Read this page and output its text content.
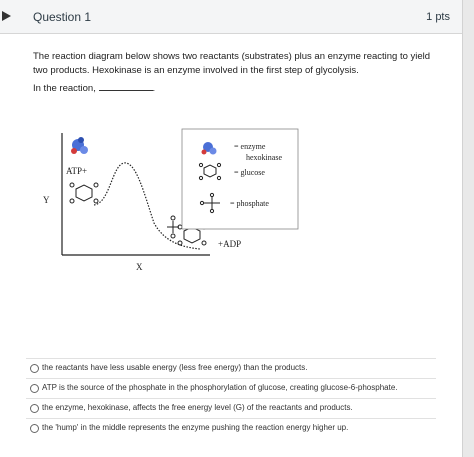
Question 1	1 pts
The reaction diagram below shows two reactants (substrates) plus an enzyme reacting to yield
two products. Hexokinase is an enzyme involved in the first step of glycolysis.
In the reaction,	.
Y
X
ATP+
+ADP
= enzyme
hexokinase
= glucose
= phosphate
the reactants have less usable energy (less free energy) than the products.
ATP is the source of the phosphate in the phosphorylation of glucose, creating glucose-6-phosphate.
the enzyme, hexokinase, affects the free energy level (G) of the reactants and products.
the 'hump' in the middle represents the enzyme pushing the reaction energy higher up.
